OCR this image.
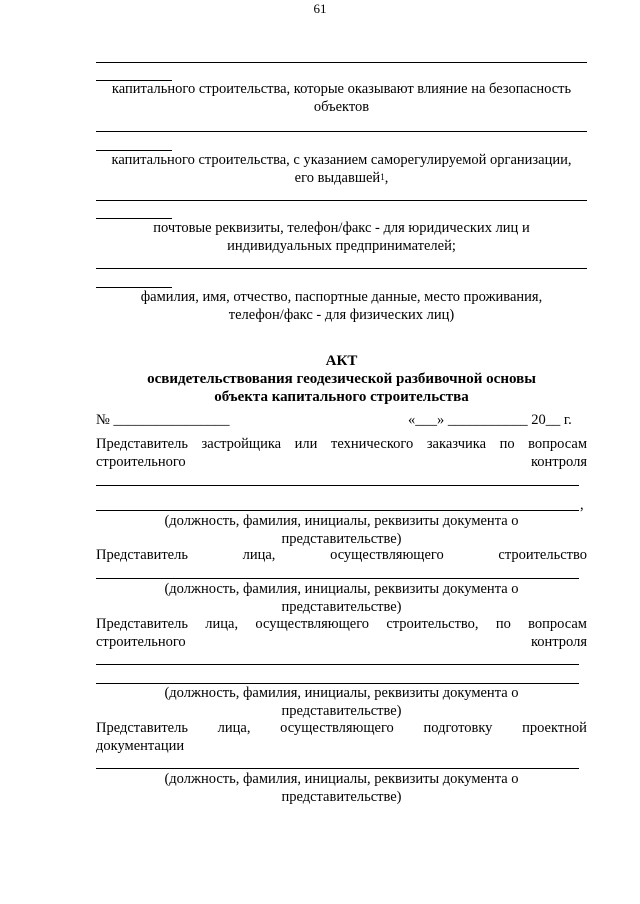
61
капитального строительства, которые оказывают влияние на безопасность
объектов
капитального строительства, с указанием саморегулируемой организации,
его выдавшей$^1$,
почтовые реквизиты, телефон/факс - для юридических лиц и
индивидуальных предпринимателей;
фамилия, имя, отчество, паспортные данные, место проживания,
телефон/факс - для физических лиц)
АКТ
освидетельствования геодезической разбивочной основы
объекта капитального строительства
№ ________________	«___» ___________ 20__ г.
Представитель застройщика или технического заказчика по вопросам
строительного	контроля
,
(должность, фамилия, инициалы, реквизиты документа о
представительстве)
Представитель	лица,	осуществляющего	строительство
(должность, фамилия, инициалы, реквизиты документа о
представительстве)
Представитель лица, осуществляющего строительство, по вопросам
строительного	контроля
(должность, фамилия, инициалы, реквизиты документа о
представительстве)
Представитель лица, осуществляющего подготовку проектной
документации
(должность, фамилия, инициалы, реквизиты документа о
представительстве)
